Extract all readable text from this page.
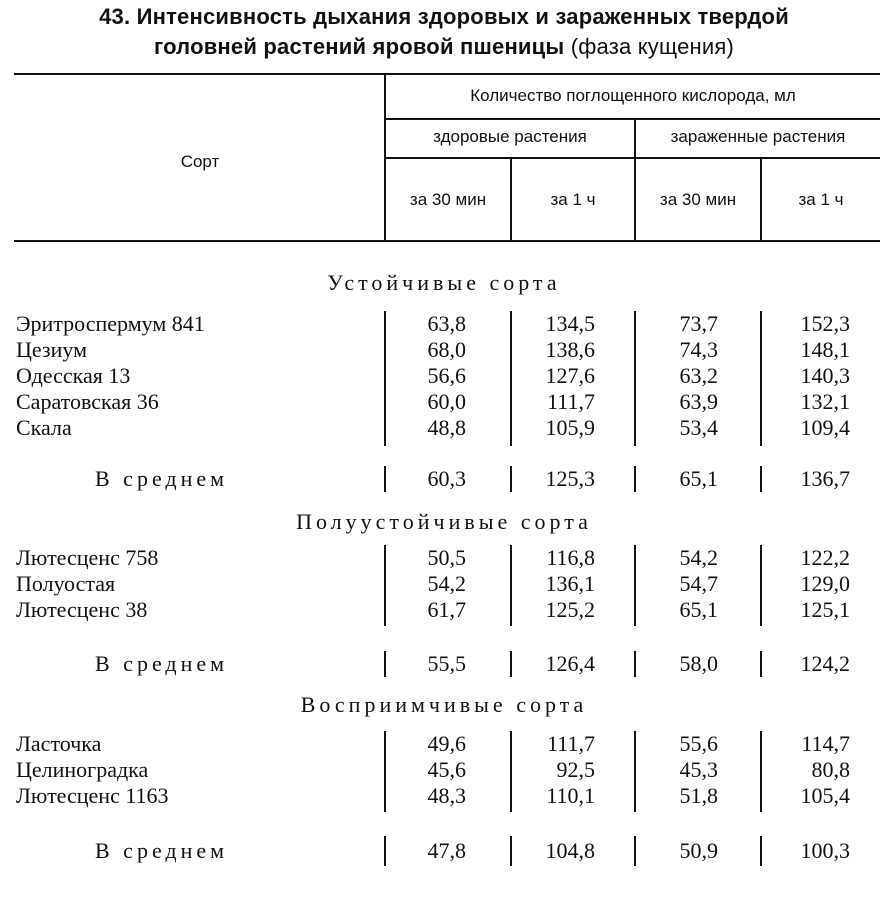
43. Интенсивность дыхания здоровых и зараженных твердой
головней растений яровой пшеницы (фаза кущения)
Сорт
Количество поглощенного кислорода, мл
здоровые растения	зараженные растения
за 30 мин	за 1 ч	за 30 мин	за 1 ч
Устойчивые сорта
Эритроспермум 841	63,8	134,5	73,7	152,3
Цезиум	68,0	138,6	74,3	148,1
Одесская 13	56,6	127,6	63,2	140,3
Саратовская 36	60,0	111,7	63,9	132,1
Скала	48,8	105,9	53,4	109,4
В среднем	60,3	125,3	65,1	136,7
Полуустойчивые сорта
Лютесценс 758	50,5	116,8	54,2	122,2
Полуостая	54,2	136,1	54,7	129,0
Лютесценс 38	61,7	125,2	65,1	125,1
В среднем	55,5	126,4	58,0	124,2
Восприимчивые сорта
Ласточка	49,6	111,7	55,6	114,7
Целиноградка	45,6	92,5	45,3	80,8
Лютесценс 1163	48,3	110,1	51,8	105,4
В среднем	47,8	104,8	50,9	100,3
